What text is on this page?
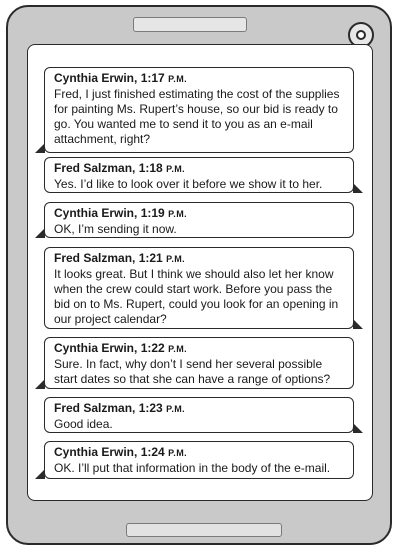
Cynthia Erwin, 1:17 P.M.
Fred, I just finished estimating the cost of the supplies for painting Ms. Rupert’s house, so our bid is ready to go. You wanted me to send it to you as an e-mail attachment, right?
Fred Salzman, 1:18 P.M.
Yes. I’d like to look over it before we show it to her.
Cynthia Erwin, 1:19 P.M.
OK, I’m sending it now.
Fred Salzman, 1:21 P.M.
It looks great. But I think we should also let her know when the crew could start work. Before you pass the bid on to Ms. Rupert, could you look for an opening in our project calendar?
Cynthia Erwin, 1:22 P.M.
Sure. In fact, why don’t I send her several possible start dates so that she can have a range of options?
Fred Salzman, 1:23 P.M.
Good idea.
Cynthia Erwin, 1:24 P.M.
OK. I’ll put that information in the body of the e-mail.
